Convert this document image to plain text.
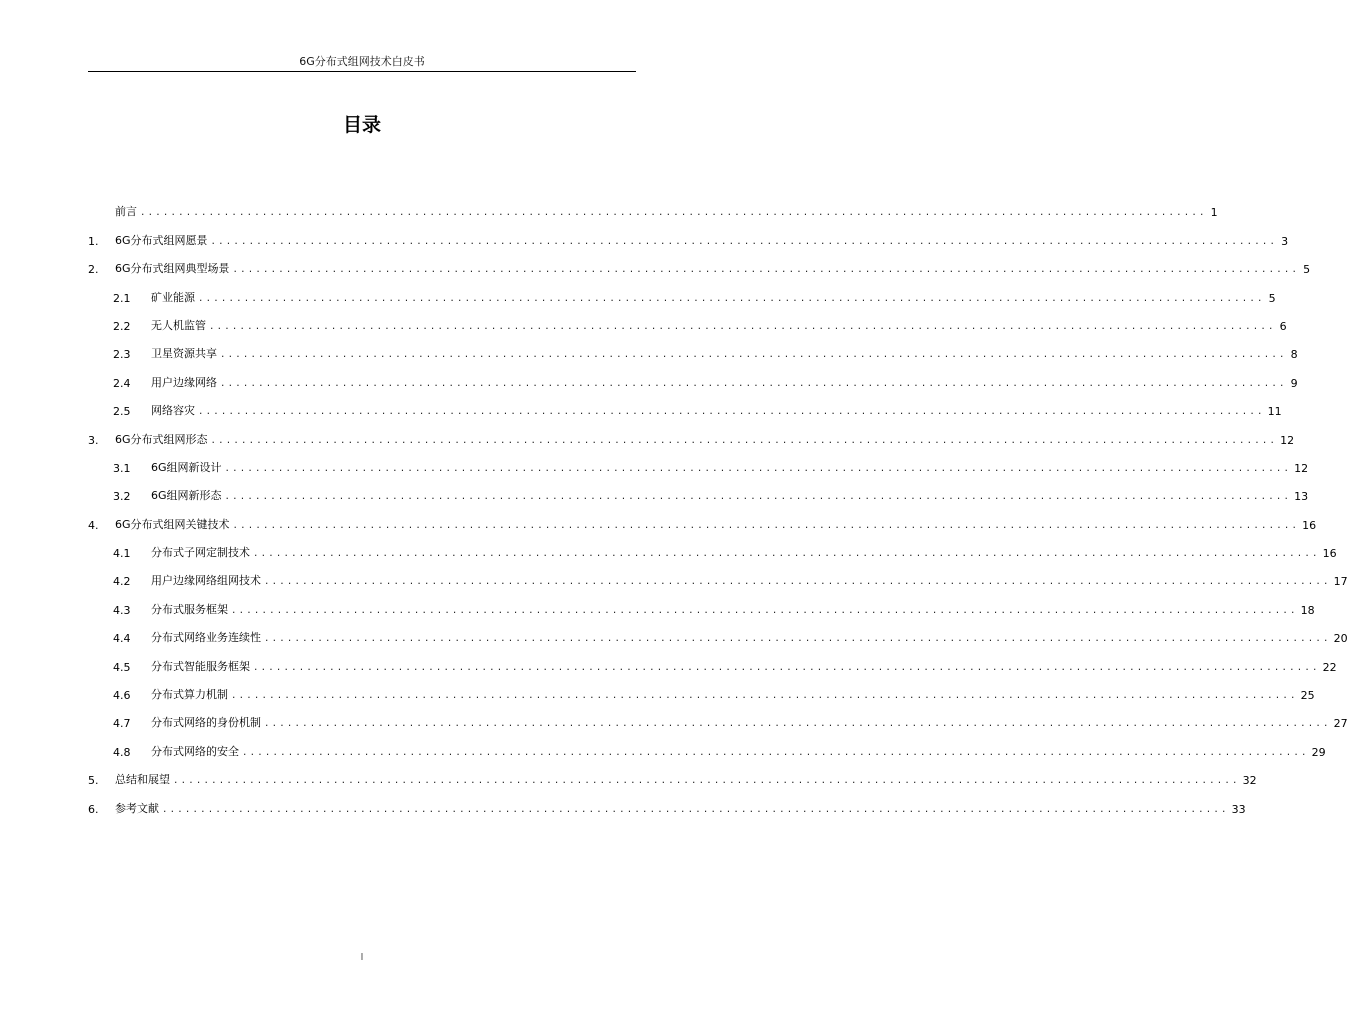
6G分布式组网技术白皮书
目录
前言 ............................................................................................................................................ 1
1.	6G分布式组网愿景 ............................................................................................................................................ 3
2.	6G分布式组网典型场景 ............................................................................................................................................ 5
2.1	矿业能源 ............................................................................................................................................ 5
2.2	无人机监管 ............................................................................................................................................ 6
2.3	卫星资源共享 ............................................................................................................................................ 8
2.4	用户边缘网络 ............................................................................................................................................ 9
2.5	网络容灾 ............................................................................................................................................ 11
3.	6G分布式组网形态 ............................................................................................................................................ 12
3.1	6G组网新设计 ............................................................................................................................................ 12
3.2	6G组网新形态 ............................................................................................................................................ 13
4.	6G分布式组网关键技术 ............................................................................................................................................ 16
4.1	分布式子网定制技术 ............................................................................................................................................ 16
4.2	用户边缘网络组网技术 ............................................................................................................................................ 17
4.3	分布式服务框架 ............................................................................................................................................ 18
4.4	分布式网络业务连续性 ............................................................................................................................................ 20
4.5	分布式智能服务框架 ............................................................................................................................................ 22
4.6	分布式算力机制 ............................................................................................................................................ 25
4.7	分布式网络的身份机制 ............................................................................................................................................ 27
4.8	分布式网络的安全 ............................................................................................................................................ 29
5.	总结和展望 ............................................................................................................................................ 32
6.	参考文献 ............................................................................................................................................ 33
I
